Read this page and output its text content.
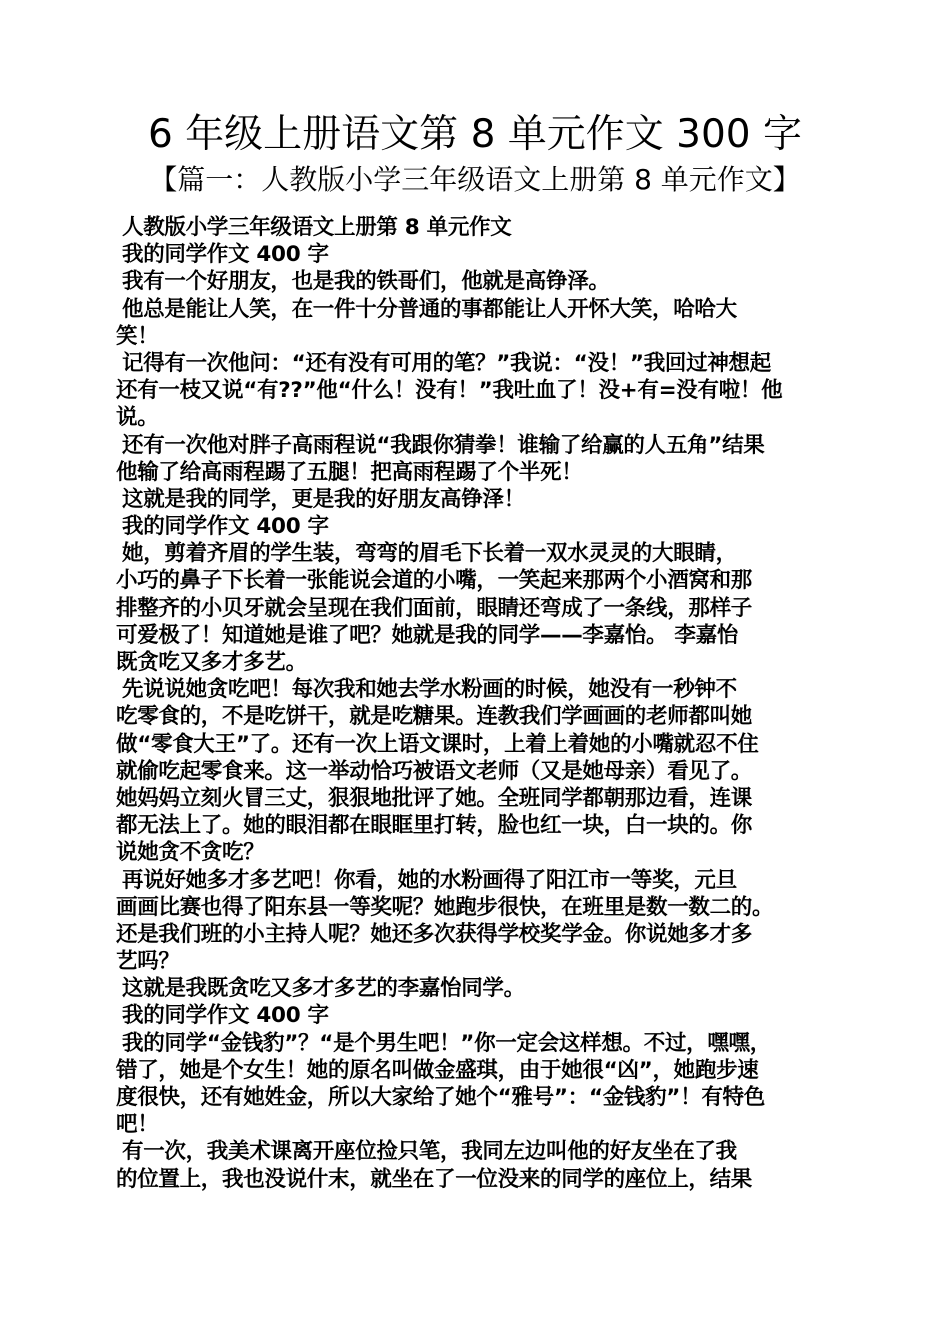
6 年级上册语文第 8 单元作文 300 字
【篇一：人教版小学三年级语文上册第 8 单元作文】
人教版小学三年级语文上册第 8 单元作文
我的同学作文 400 字
我有一个好朋友，也是我的铁哥们，他就是高铮泽。
他总是能让人笑，在一件十分普通的事都能让人开怀大笑，哈哈大
笑！
记得有一次他问：“还有没有可用的笔？”我说：“没！”我回过神想起
还有一枝又说“有??”他“什么！没有！”我吐血了！没+有=没有啦！他
说。
还有一次他对胖子高雨程说“我跟你猜拳！谁输了给赢的人五角”结果
他输了给高雨程踢了五腿！把高雨程踢了个半死！
这就是我的同学，更是我的好朋友高铮泽！
我的同学作文 400 字
她，剪着齐眉的学生装，弯弯的眉毛下长着一双水灵灵的大眼睛，
小巧的鼻子下长着一张能说会道的小嘴，一笑起来那两个小酒窝和那
排整齐的小贝牙就会呈现在我们面前，眼睛还弯成了一条线，那样子
可爱极了！知道她是谁了吧？她就是我的同学——李嘉怡。 李嘉怡
既贪吃又多才多艺。
先说说她贪吃吧！每次我和她去学水粉画的时候，她没有一秒钟不
吃零食的，不是吃饼干，就是吃糖果。连教我们学画画的老师都叫她
做“零食大王”了。还有一次上语文课时，上着上着她的小嘴就忍不住
就偷吃起零食来。这一举动恰巧被语文老师（又是她母亲）看见了。
她妈妈立刻火冒三丈，狠狠地批评了她。全班同学都朝那边看，连课
都无法上了。她的眼泪都在眼眶里打转，脸也红一块，白一块的。你
说她贪不贪吃？
再说好她多才多艺吧！你看，她的水粉画得了阳江市一等奖，元旦
画画比赛也得了阳东县一等奖呢？她跑步很快，在班里是数一数二的。
还是我们班的小主持人呢？她还多次获得学校奖学金。你说她多才多
艺吗？
这就是我既贪吃又多才多艺的李嘉怡同学。
我的同学作文 400 字
我的同学“金钱豹”？“是个男生吧！”你一定会这样想。不过，嘿嘿，
错了，她是个女生！她的原名叫做金盛琪，由于她很“凶”，她跑步速
度很快，还有她姓金，所以大家给了她个“雅号”：“金钱豹”！有特色
吧！
有一次，我美术课离开座位捡只笔，我同左边叫他的好友坐在了我
的位置上，我也没说什末，就坐在了一位没来的同学的座位上，结果
